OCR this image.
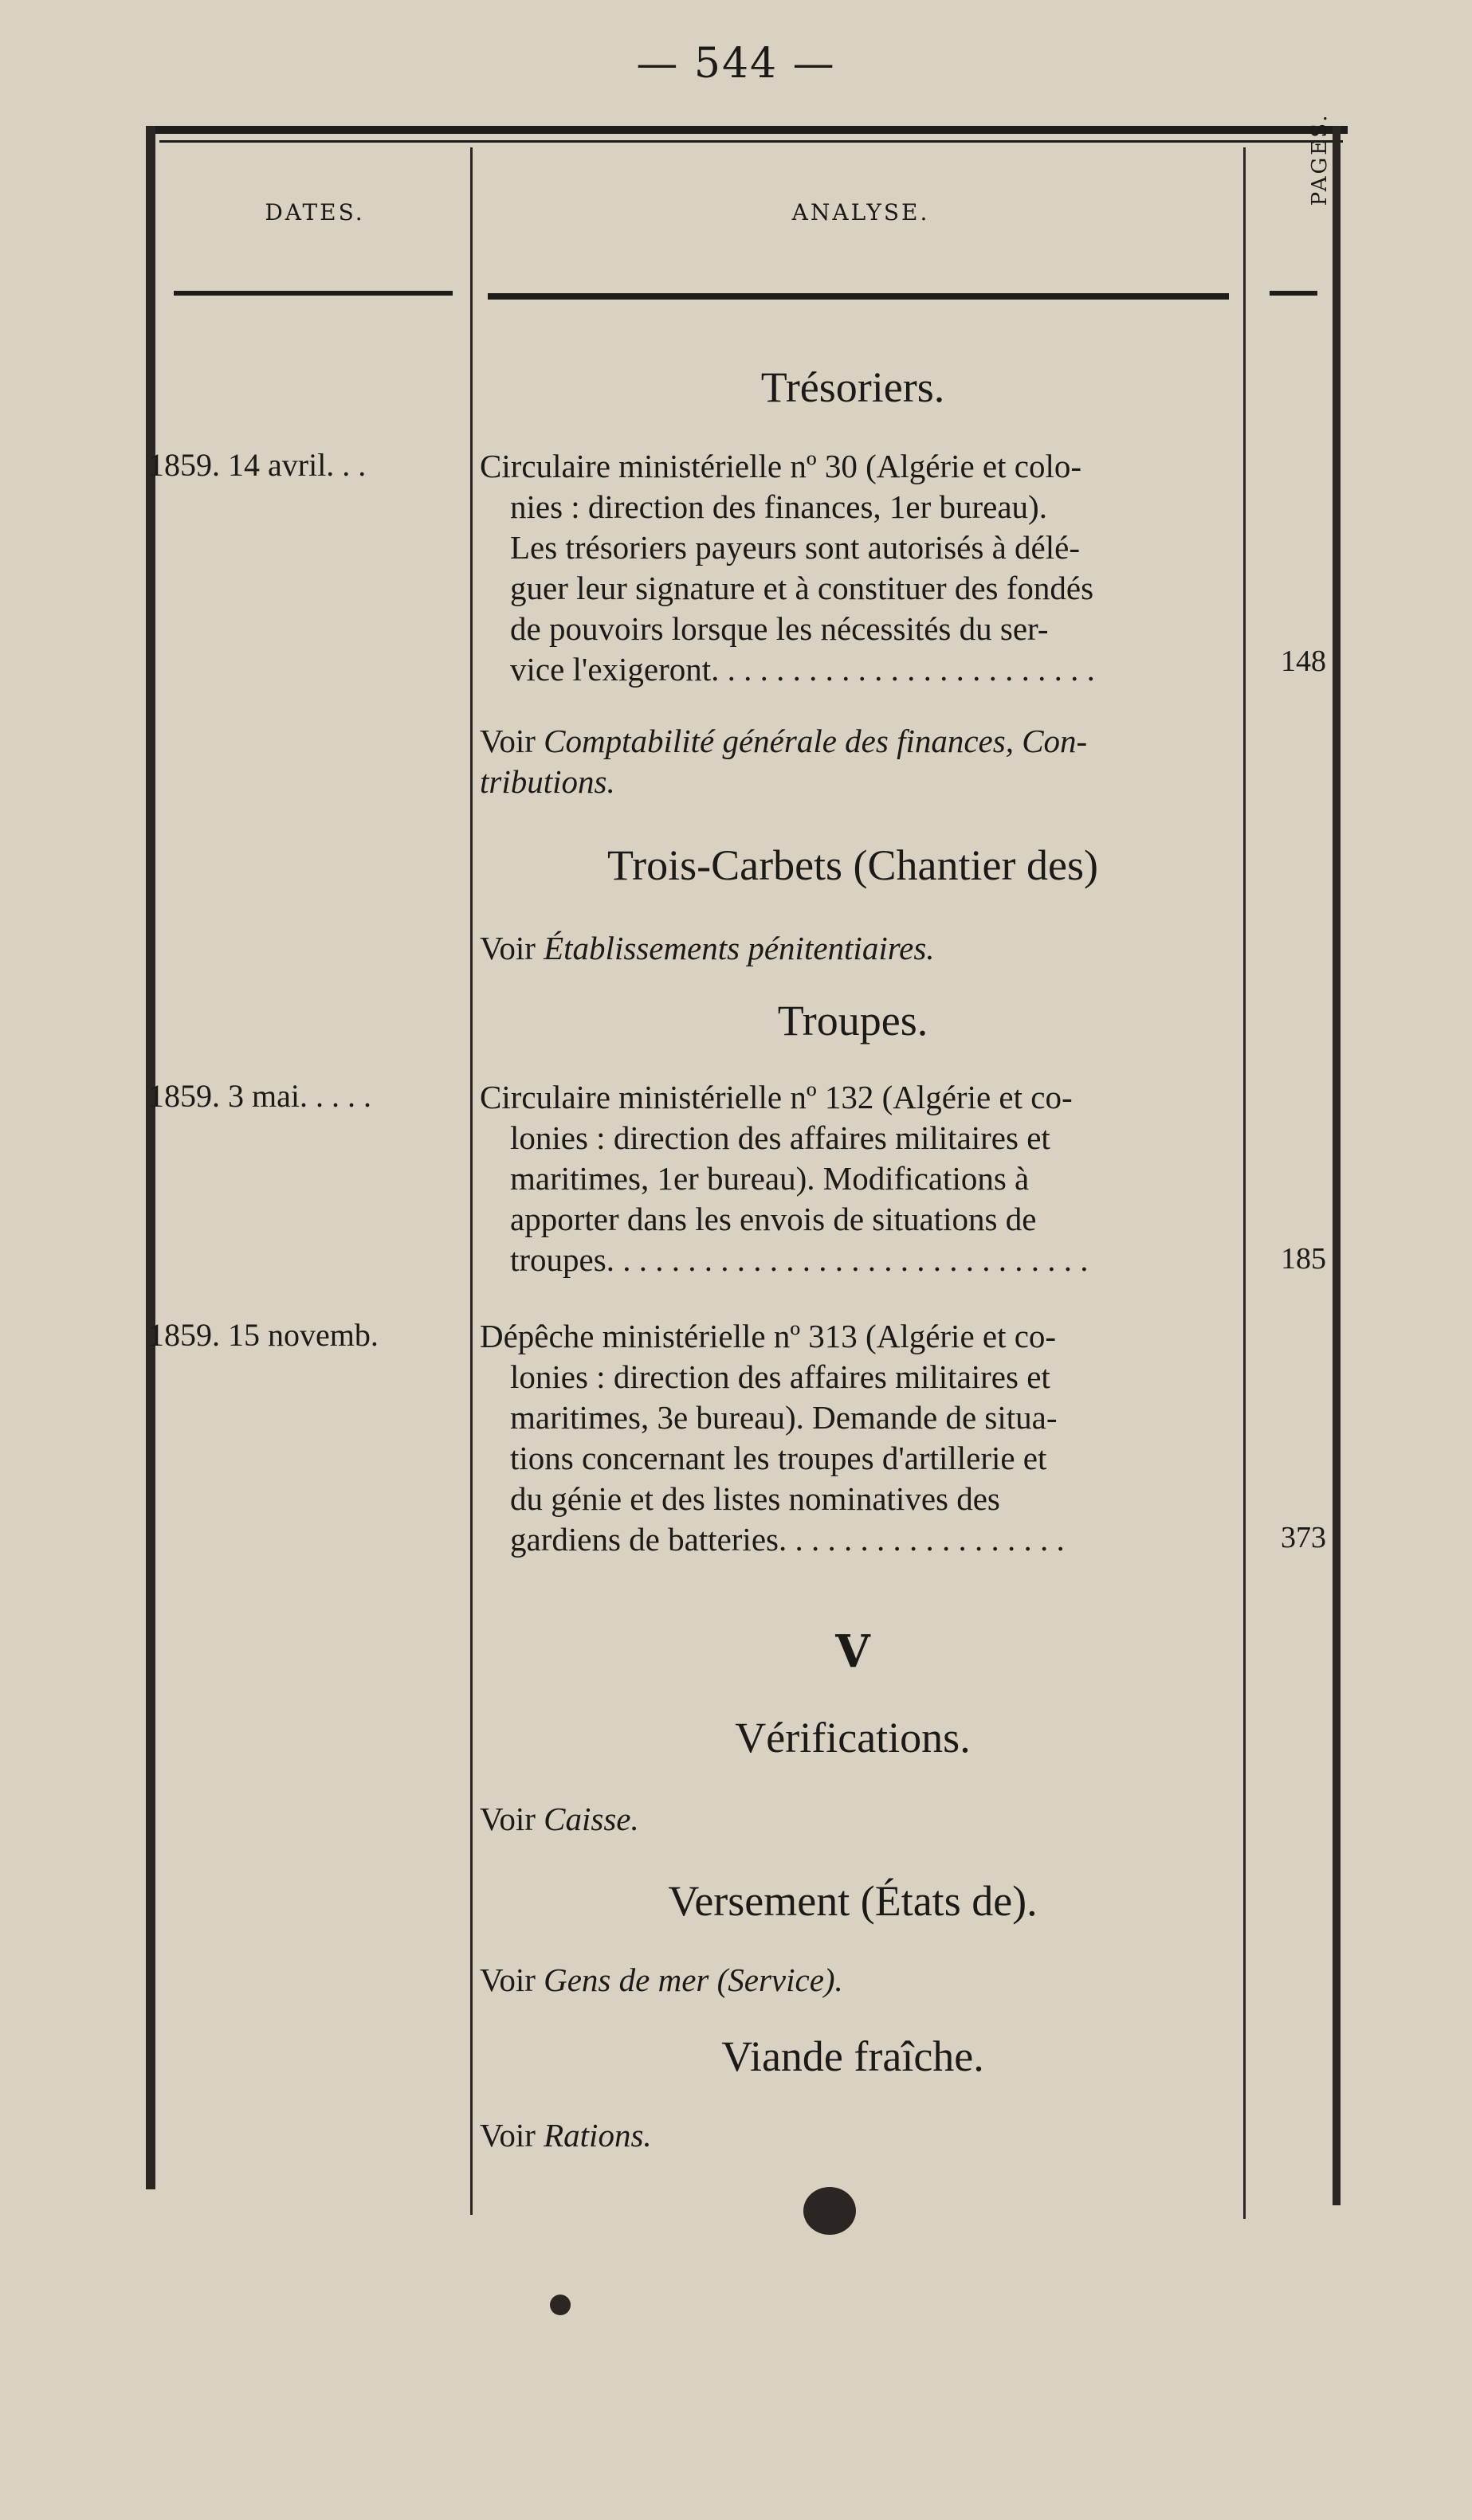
— 544 —
DATES.	ANALYSE.
PAGES.
Trésoriers.
1859. 14 avril. . .	Circulaire ministérielle nº 30 (Algérie et colo-
nies : direction des finances, 1er bureau).
Les trésoriers payeurs sont autorisés à délé-
guer leur signature et à constituer des fondés
de pouvoirs lorsque les nécessités du ser-
vice l'exigeront. . . . . . . . . . . . . . . . . . . . . . . .	148
Voir Comptabilité générale des finances, Con-
tributions.
Trois-Carbets (Chantier des)
Voir Établissements pénitentiaires.
Troupes.
1859. 3 mai. . . . .	Circulaire ministérielle nº 132 (Algérie et co-
lonies : direction des affaires militaires et
maritimes, 1er bureau). Modifications à
apporter dans les envois de situations de
troupes. . . . . . . . . . . . . . . . . . . . . . . . . . . . . .	185
1859. 15 novemb.	Dépêche ministérielle nº 313 (Algérie et co-
lonies : direction des affaires militaires et
maritimes, 3e bureau). Demande de situa-
tions concernant les troupes d'artillerie et
du génie et des listes nominatives des
gardiens de batteries. . . . . . . . . . . . . . . . . .	373
V
Vérifications.
Voir Caisse.
Versement (États de).
Voir Gens de mer (Service).
Viande fraîche.
Voir Rations.
